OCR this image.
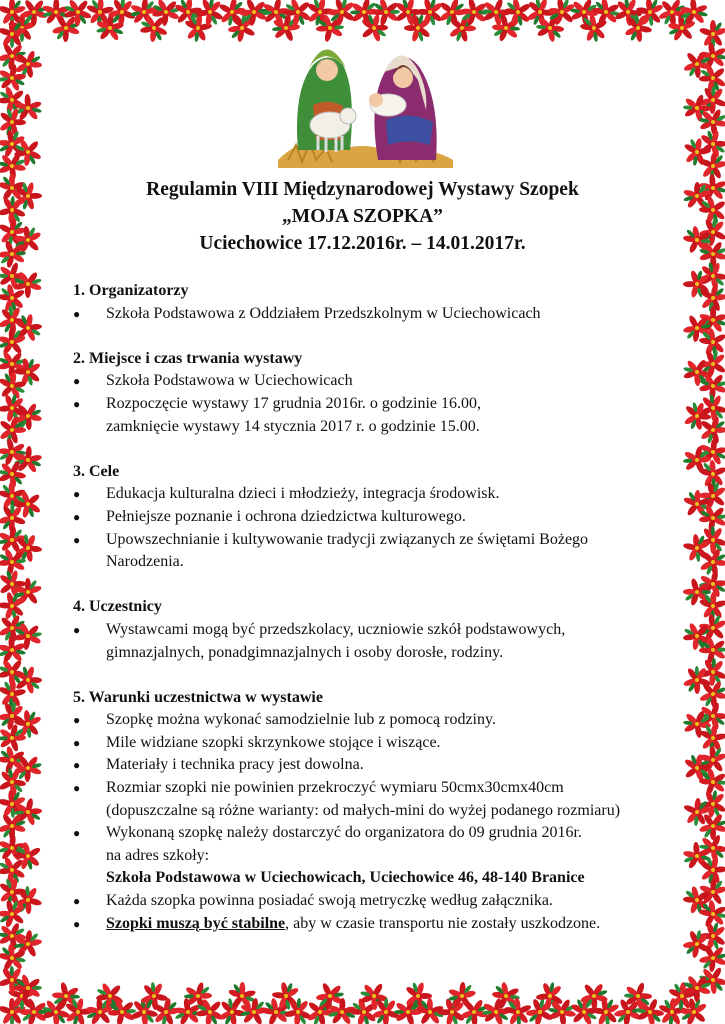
Regulamin VIII Międzynarodowej Wystawy Szopek
„MOJA SZOPKA”
Uciechowice 17.12.2016r. – 14.01.2017r.

1. Organizatorzy

●	Szkoła Podstawowa z Oddziałem Przedszkolnym w Uciechowicach

2. Miejsce i czas trwania wystawy

●	Szkoła Podstawowa w Uciechowicach
●	Rozpoczęcie wystawy 17 grudnia 2016r. o godzinie 16.00,
zamknięcie wystawy 14 stycznia 2017 r. o godzinie 15.00.

3. Cele

●	Edukacja kulturalna dzieci i młodzieży, integracja środowisk.
●	Pełniejsze poznanie i ochrona dziedzictwa kulturowego.
●	Upowszechnianie i kultywowanie tradycji związanych ze świętami Bożego
Narodzenia.

4. Uczestnicy

●	Wystawcami mogą być przedszkolacy, uczniowie szkół podstawowych,
gimnazjalnych, ponadgimnazjalnych i osoby dorosłe, rodziny.

5. Warunki uczestnictwa w wystawie

●	Szopkę można wykonać samodzielnie lub z pomocą rodziny.
●	Mile widziane szopki skrzynkowe stojące i wiszące.
●	Materiały i technika pracy jest dowolna.
●	Rozmiar szopki nie powinien przekroczyć wymiaru 50cmx30cmx40cm
(dopuszczalne są różne warianty: od małych-mini do wyżej podanego rozmiaru)
●	Wykonaną szopkę należy dostarczyć do organizatora do 09 grudnia 2016r.
na adres szkoły:
Szkoła Podstawowa w Uciechowicach, Uciechowice 46, 48-140 Branice
●	Każda szopka powinna posiadać swoją metryczkę według załącznika.
●	Szopki muszą być stabilne, aby w czasie transportu nie zostały uszkodzone.
